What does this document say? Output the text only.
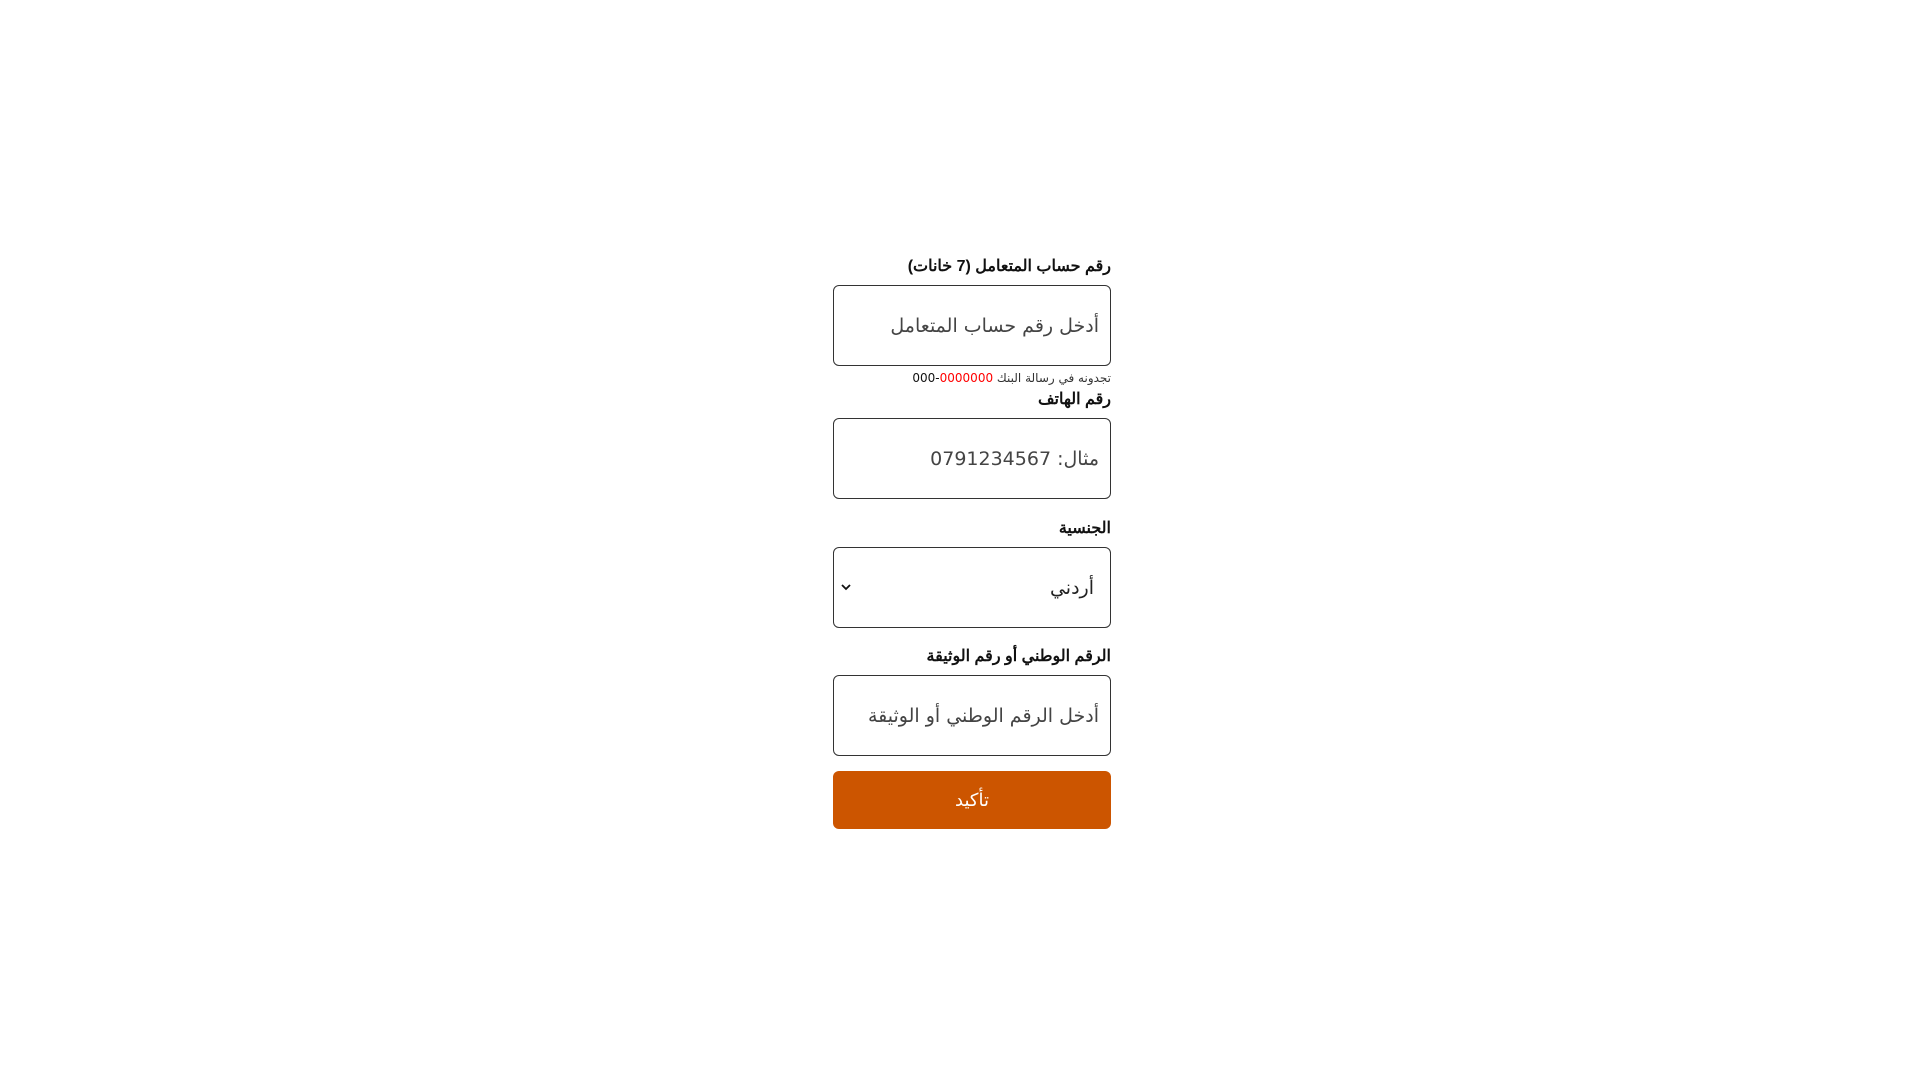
رقم حساب المتعامل (7 خانات)
أدخل رقم حساب المتعامل
تجدونه في رسالة البنك 000-0000000
رقم الهاتف
مثال: 0791234567
الجنسية
أردني
الرقم الوطني أو رقم الوثيقة
أدخل الرقم الوطني أو الوثيقة
تأكيد
